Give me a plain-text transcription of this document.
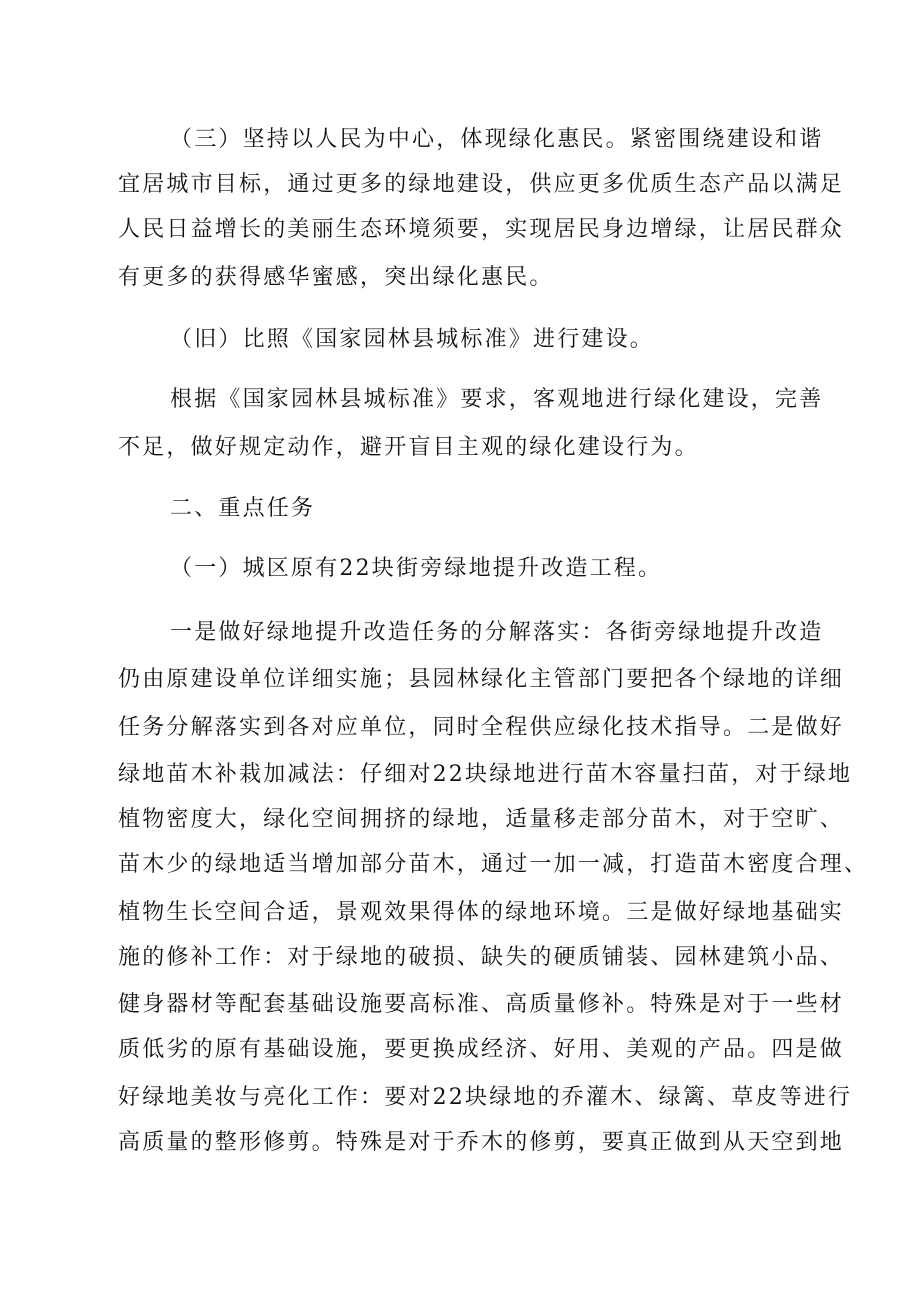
（三）坚持以人民为中心，体现绿化惠民。紧密围绕建设和谐
宜居城市目标，通过更多的绿地建设，供应更多优质生态产品以满足
人民日益增长的美丽生态环境须要，实现居民身边增绿，让居民群众
有更多的获得感华蜜感，突出绿化惠民。
（旧）比照《国家园林县城标准》进行建设。
根据《国家园林县城标准》要求，客观地进行绿化建设，完善
不足，做好规定动作，避开盲目主观的绿化建设行为。
二、重点任务
（一）城区原有22块街旁绿地提升改造工程。
一是做好绿地提升改造任务的分解落实：各街旁绿地提升改造
仍由原建设单位详细实施；县园林绿化主管部门要把各个绿地的详细
任务分解落实到各对应单位，同时全程供应绿化技术指导。二是做好
绿地苗木补栽加减法：仔细对22块绿地进行苗木容量扫苗，对于绿地
植物密度大，绿化空间拥挤的绿地，适量移走部分苗木，对于空旷、
苗木少的绿地适当增加部分苗木，通过一加一减，打造苗木密度合理、
植物生长空间合适，景观效果得体的绿地环境。三是做好绿地基础实
施的修补工作：对于绿地的破损、缺失的硬质铺装、园林建筑小品、
健身器材等配套基础设施要高标准、高质量修补。特殊是对于一些材
质低劣的原有基础设施，要更换成经济、好用、美观的产品。四是做
好绿地美妆与亮化工作：要对22块绿地的乔灌木、绿篱、草皮等进行
高质量的整形修剪。特殊是对于乔木的修剪，要真正做到从天空到地
